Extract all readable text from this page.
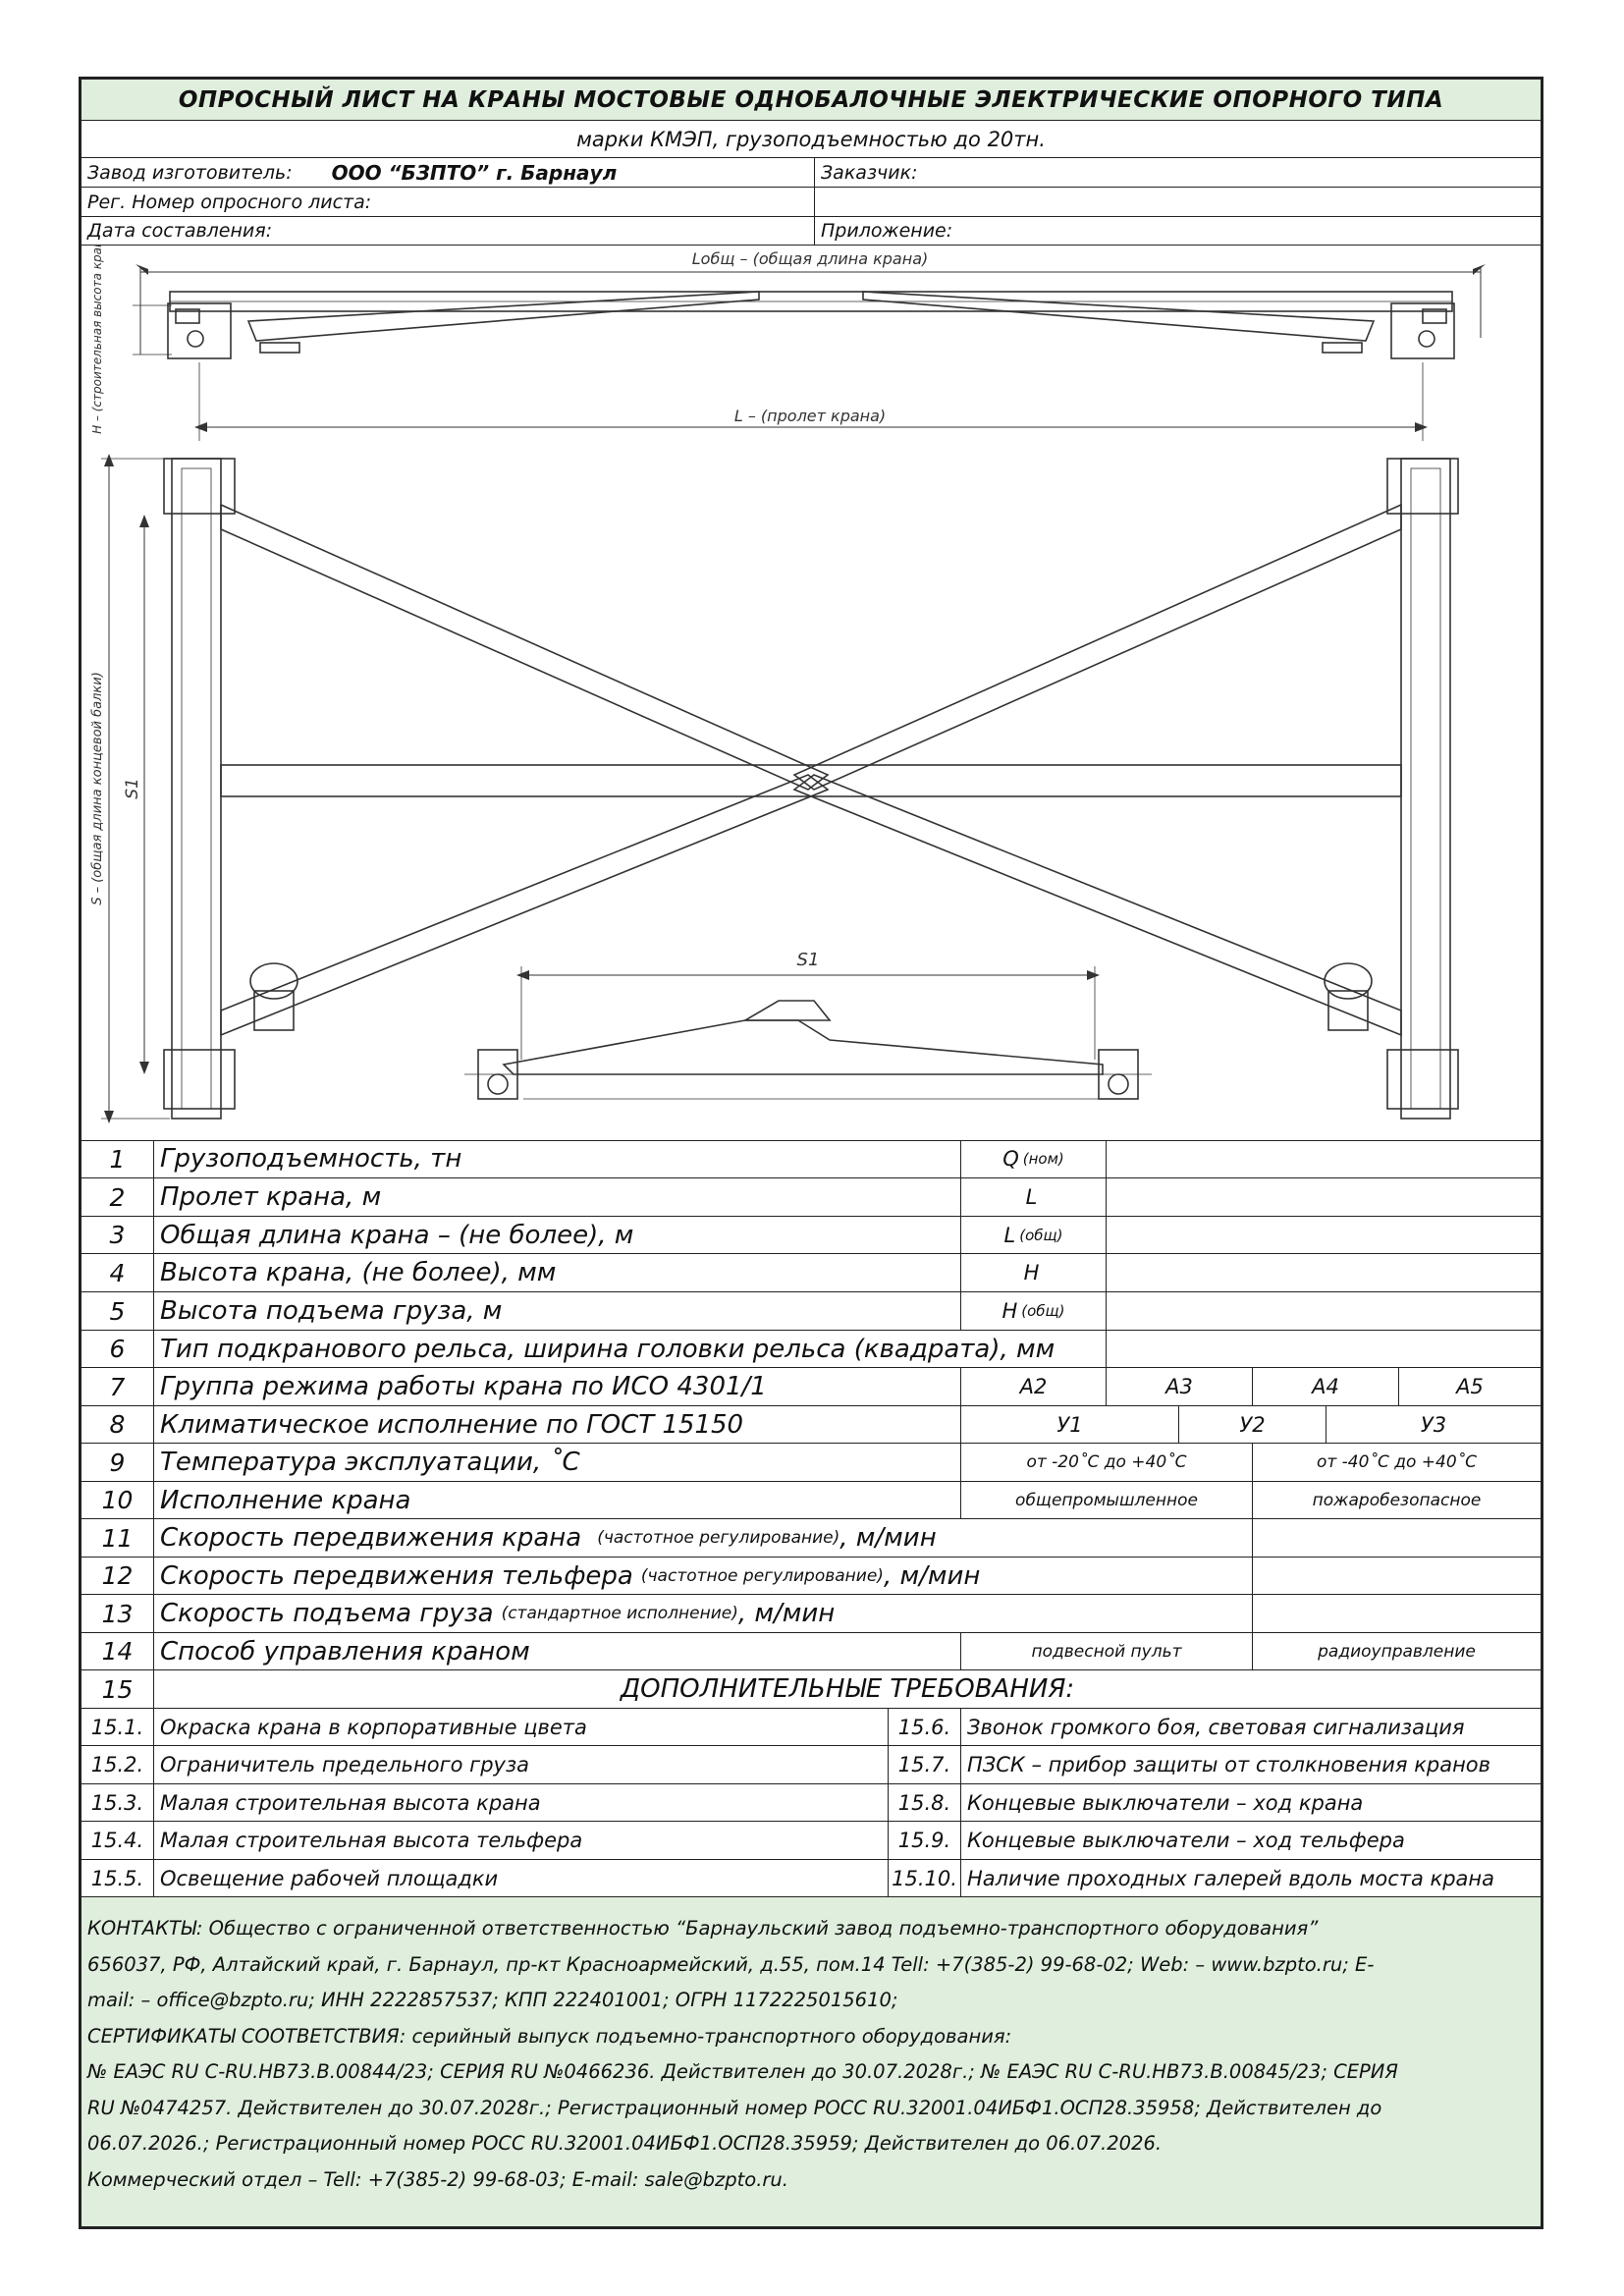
ОПРОСНЫЙ ЛИСТ НА КРАНЫ МОСТОВЫЕ ОДНОБАЛОЧНЫЕ ЭЛЕКТРИЧЕСКИЕ ОПОРНОГО ТИПА
марки КМЭП, грузоподъемностью до 20тн.
Завод изготовитель: ООО “БЗПТО” г. Барнаул	Заказчик:
Рег. Номер опросного листа:
Дата составления:	Приложение:
Lобщ – (общая длина крана)
L – (пролет крана)
H – (строительная высота крана)
S – (общая длина концевой балки) S1
S1
1	Грузоподъемность, тн	Q (ном)
2	Пролет крана, м	L
3	Общая длина крана – (не более), м	L (общ)
4	Высота крана, (не более), мм	H
5	Высота подъема груза, м	H (общ)
6	Тип подкранового рельса, ширина головки рельса (квадрата), мм
7	Группа режима работы крана по ИСО 4301/1	А2	А3	А4	А5
8	Климатическое исполнение по ГОСТ 15150	У1	У2	У3
9	Температура эксплуатации, ˚С	от -20˚С до +40˚С	от -40˚С до +40˚С
10	Исполнение крана	общепромышленное	пожаробезопасное
11	Скорость передвижения крана (частотное регулирование) , м/мин
12	Скорость передвижения тельфера (частотное регулирование) , м/мин
13	Скорость подъема груза (стандартное исполнение) , м/мин
14	Способ управления краном	подвесной пульт	радиоуправление
15	ДОПОЛНИТЕЛЬНЫЕ ТРЕБОВАНИЯ:
15.1. Окраска крана в корпоративные цвета	15.6. Звонок громкого боя, световая сигнализация
15.2. Ограничитель предельного груза	15.7. ПЗСК – прибор защиты от столкновения кранов
15.3. Малая строительная высота крана	15.8. Концевые выключатели – ход крана
15.4. Малая строительная высота тельфера	15.9. Концевые выключатели – ход тельфера
15.5. Освещение рабочей площадки	15.10. Наличие проходных галерей вдоль моста крана

КОНТАКТЫ: Общество с ограниченной ответственностью “Барнаульский завод подъемно-транспортного оборудования”

656037, РФ, Алтайский край, г. Барнаул, пр-кт Красноармейский, д.55, пом.14 Tell: +7(385-2) 99-68-02; Web: – www.bzpto.ru; E-

mail: – office@bzpto.ru; ИНН 2222857537; КПП 222401001; ОГРН 1172225015610;

СЕРТИФИКАТЫ СООТВЕТСТВИЯ: серийный выпуск подъемно-транспортного оборудования:

№ ЕАЭС RU C-RU.НВ73.В.00844/23; СЕРИЯ RU №0466236. Действителен до 30.07.2028г.; № ЕАЭС RU C-RU.НВ73.В.00845/23; СЕРИЯ

RU №0474257. Действителен до 30.07.2028г.; Регистрационный номер РОСС RU.32001.04ИБФ1.ОСП28.35958; Действителен до

06.07.2026.; Регистрационный номер РОСС RU.32001.04ИБФ1.ОСП28.35959; Действителен до 06.07.2026.

Коммерческий отдел – Tell: +7(385-2) 99-68-03; E-mail: sale@bzpto.ru.
